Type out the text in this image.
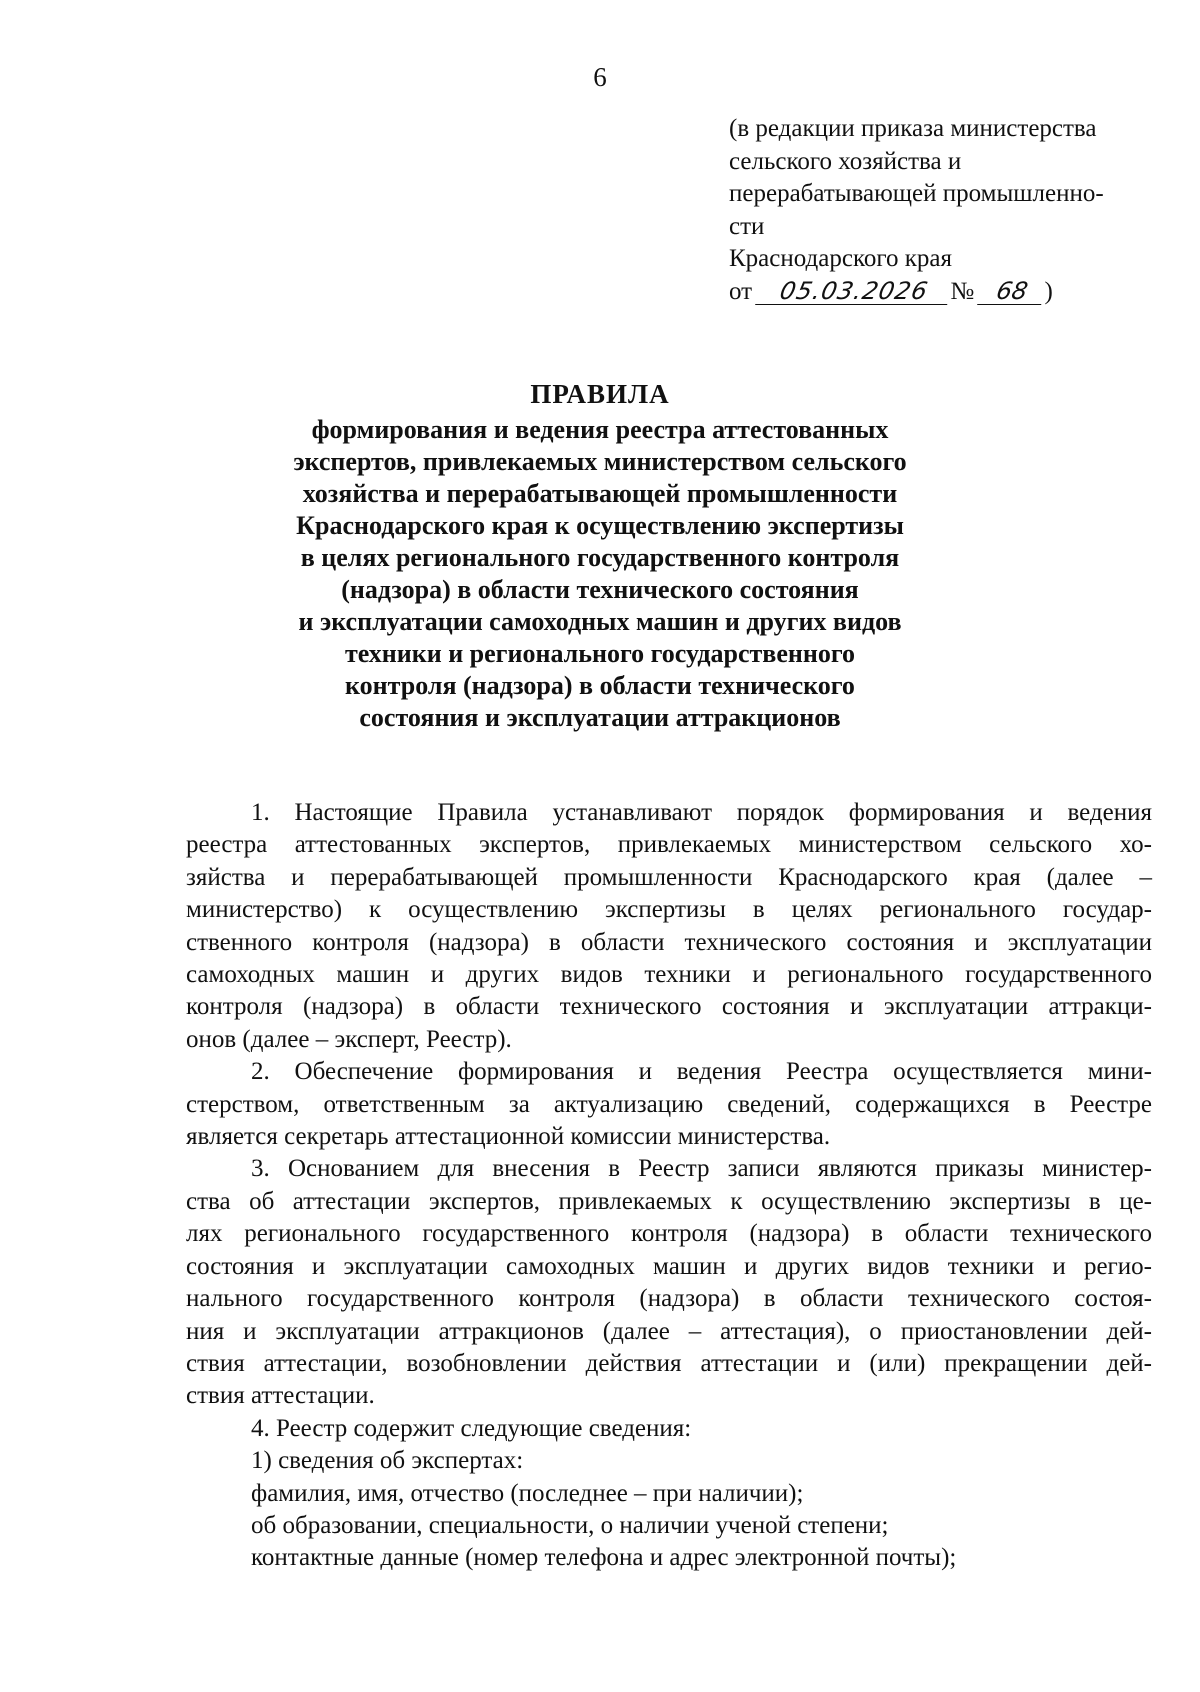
6
(в редакции приказа министерства
сельского хозяйства и
перерабатывающей промышленно-
сти
Краснодарского края
от 05.03.2026 № 68 )
ПРАВИЛА
формирования и ведения реестра аттестованных
экспертов, привлекаемых министерством сельского
хозяйства и перерабатывающей промышленности
Краснодарского края к осуществлению экспертизы
в целях регионального государственного контроля
(надзора) в области технического состояния
и эксплуатации самоходных машин и других видов
техники и регионального государственного
контроля (надзора) в области технического
состояния и эксплуатации аттракционов
1. Настоящие Правила устанавливают порядок формирования и ведения
реестра аттестованных экспертов, привлекаемых министерством сельского хо-
зяйства и перерабатывающей промышленности Краснодарского края (далее –
министерство) к осуществлению экспертизы в целях регионального государ-
ственного контроля (надзора) в области технического состояния и эксплуатации
самоходных машин и других видов техники и регионального государственного
контроля (надзора) в области технического состояния и эксплуатации аттракци-
онов (далее – эксперт, Реестр).
2. Обеспечение формирования и ведения Реестра осуществляется мини-
стерством, ответственным за актуализацию сведений, содержащихся в Реестре
является секретарь аттестационной комиссии министерства.
3. Основанием для внесения в Реестр записи являются приказы министер-
ства об аттестации экспертов, привлекаемых к осуществлению экспертизы в це-
лях регионального государственного контроля (надзора) в области технического
состояния и эксплуатации самоходных машин и других видов техники и регио-
нального государственного контроля (надзора) в области технического состоя-
ния и эксплуатации аттракционов (далее – аттестация), о приостановлении дей-
ствия аттестации, возобновлении действия аттестации и (или) прекращении дей-
ствия аттестации.
4. Реестр содержит следующие сведения:
1) сведения об экспертах:
фамилия, имя, отчество (последнее – при наличии);
об образовании, специальности, о наличии ученой степени;
контактные данные (номер телефона и адрес электронной почты);
